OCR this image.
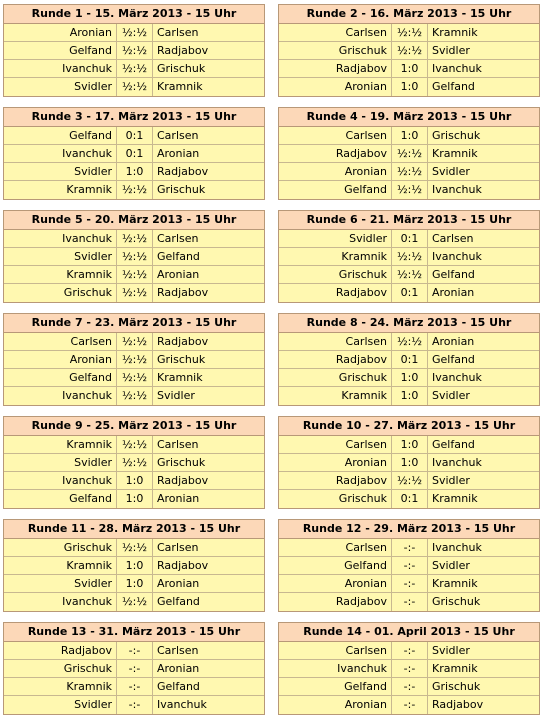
Runde 1 - 15. März 2013 - 15 Uhr
Aronian ½:½ Carlsen
Gelfand ½:½ Radjabov
Ivanchuk ½:½ Grischuk
Svidler ½:½ Kramnik
Runde 2 - 16. März 2013 - 15 Uhr
Carlsen ½:½ Kramnik
Grischuk ½:½ Svidler
Radjabov	1:0	Ivanchuk
Aronian	1:0	Gelfand
Runde 3 - 17. März 2013 - 15 Uhr
Gelfand	0:1	Carlsen
Ivanchuk	0:1	Aronian
Svidler	1:0	Radjabov
Kramnik ½:½ Grischuk
Runde 4 - 19. März 2013 - 15 Uhr
Carlsen	1:0	Grischuk
Radjabov ½:½ Kramnik
Aronian ½:½ Svidler
Gelfand ½:½ Ivanchuk
Runde 5 - 20. März 2013 - 15 Uhr
Ivanchuk ½:½ Carlsen
Svidler ½:½ Gelfand
Kramnik ½:½ Aronian
Grischuk ½:½ Radjabov
Runde 6 - 21. März 2013 - 15 Uhr
Svidler	0:1	Carlsen
Kramnik ½:½ Ivanchuk
Grischuk ½:½ Gelfand
Radjabov	0:1	Aronian
Runde 7 - 23. März 2013 - 15 Uhr
Carlsen ½:½ Radjabov
Aronian ½:½ Grischuk
Gelfand ½:½ Kramnik
Ivanchuk ½:½ Svidler
Runde 8 - 24. März 2013 - 15 Uhr
Carlsen ½:½ Aronian
Radjabov	0:1	Gelfand
Grischuk	1:0	Ivanchuk
Kramnik	1:0	Svidler
Runde 9 - 25. März 2013 - 15 Uhr
Kramnik ½:½ Carlsen
Svidler ½:½ Grischuk
Ivanchuk	1:0	Radjabov
Gelfand	1:0	Aronian
Runde 10 - 27. März 2013 - 15 Uhr
Carlsen	1:0	Gelfand
Aronian	1:0	Ivanchuk
Radjabov ½:½ Svidler
Grischuk	0:1	Kramnik
Runde 11 - 28. März 2013 - 15 Uhr
Grischuk ½:½ Carlsen
Kramnik	1:0	Radjabov
Svidler	1:0	Aronian
Ivanchuk ½:½ Gelfand
Runde 12 - 29. März 2013 - 15 Uhr
Carlsen	-:-	Ivanchuk
Gelfand	-:-	Svidler
Aronian	-:-	Kramnik
Radjabov	-:-	Grischuk
Runde 13 - 31. März 2013 - 15 Uhr
Radjabov	-:-	Carlsen
Grischuk	-:-	Aronian
Kramnik	-:-	Gelfand
Svidler	-:-	Ivanchuk
Runde 14 - 01. April 2013 - 15 Uhr
Carlsen	-:-	Svidler
Ivanchuk	-:-	Kramnik
Gelfand	-:-	Grischuk
Aronian	-:-	Radjabov
